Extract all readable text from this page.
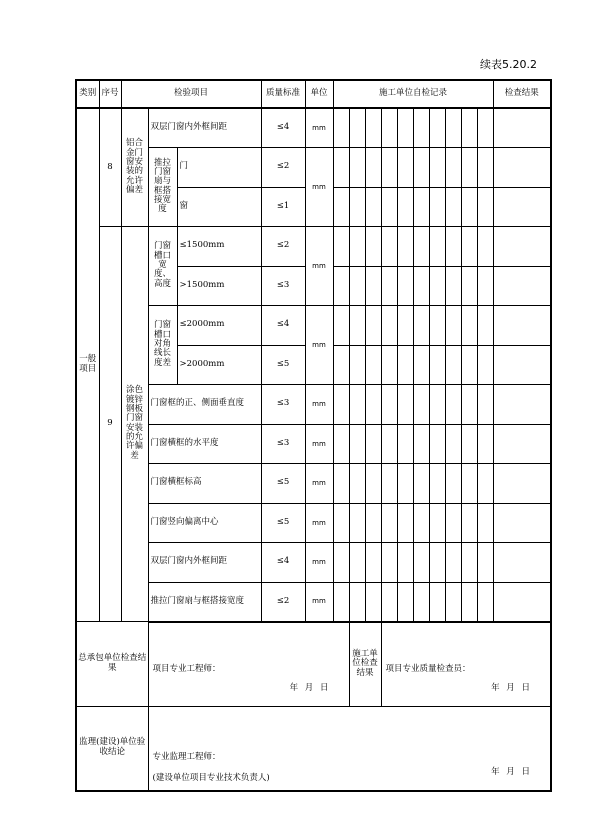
续表5.20.2
类别	序号	检验项目			质量标准	单位	施工单位自检记录										检查结果
一般项目	8	铝合金门窗安装的允许偏差	双层门窗内外框间距		≤4	mm											
			推拉门窗扇与框搭接宽度	门	≤2	mm											
				窗	≤1												
	9	涂色镀锌钢板门窗安装的允许偏差	门窗槽口宽度、高度	≤1500mm	≤2	mm											
				>1500mm	≤3												
			门窗槽口对角线长度差	≤2000mm	≤4	mm											
				>2000mm	≤5												
			门窗框的正、侧面垂直度		≤3	mm											
			门窗横框的水平度		≤3	mm											
			门窗横框标高		≤5	mm											
			门窗竖向偏离中心		≤5	mm											
			双层门窗内外框间距		≤4	mm											
			推拉门窗扇与框搭接宽度		≤2	mm											
总承包单位检查结果			项目专业工程师：
年 月 日					施工单位检查结果		项目专业质量检查员：
年 月 日							

监理(建设)单位验收结论			专业监理工程师：
(建设单位项目专业技术负责人)
年 月 日														
